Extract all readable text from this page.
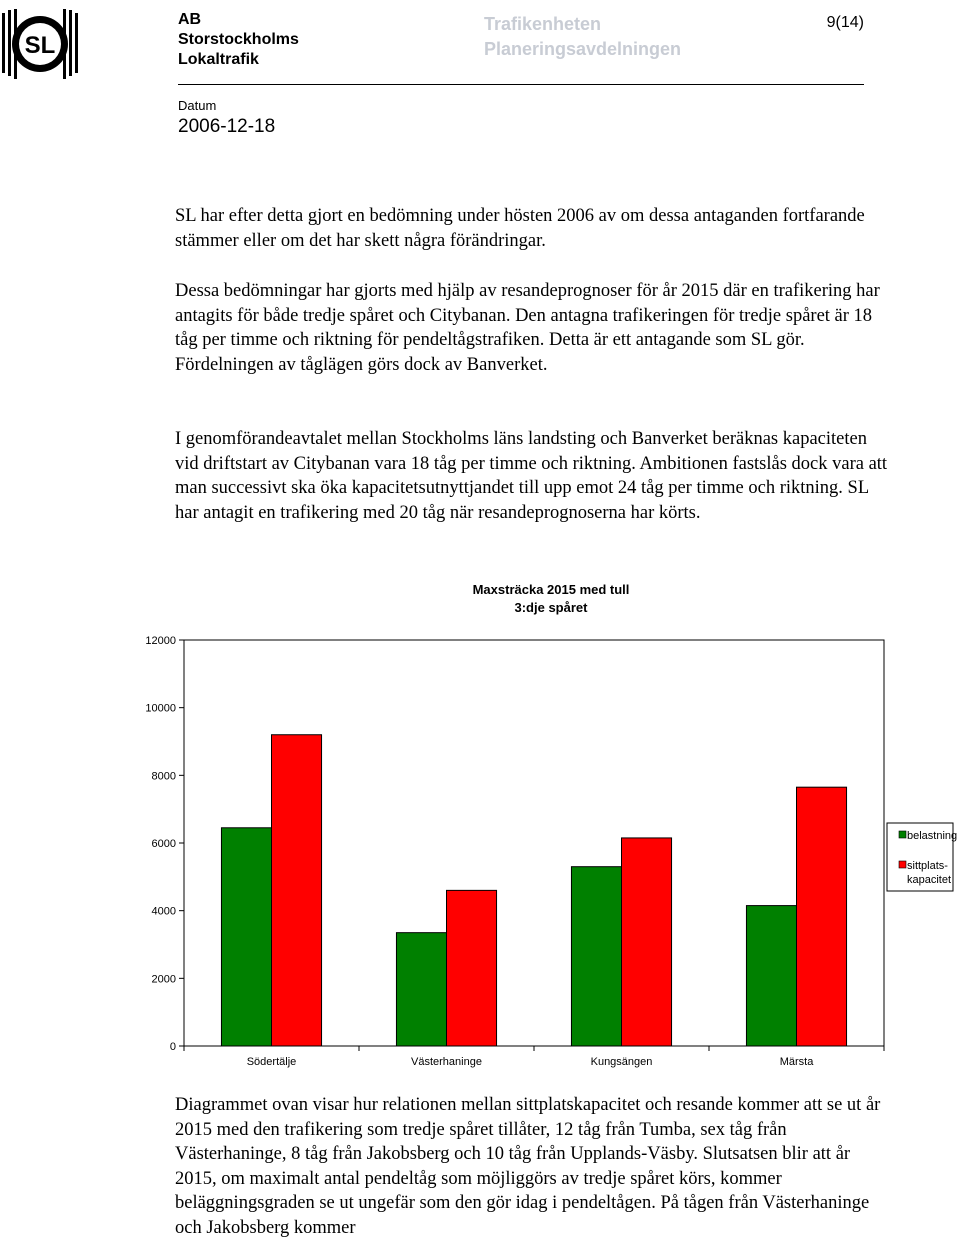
SL
AB
Storstockholms
Lokaltrafik
Trafikenheten
Planeringsavdelningen
9(14)
Datum
2006-12-18

SL har efter detta gjort en bedömning under hösten 2006 av om dessa antaganden fortfarande stämmer eller om det har skett några förändringar.

Dessa bedömningar har gjorts med hjälp av resandeprognoser för år 2015 där en trafikering har antagits för både tredje spåret och Citybanan. Den antagna trafikeringen för tredje spåret är 18 tåg per timme och riktning för pendeltågstrafiken. Detta är ett antagande som SL gör. Fördelningen av tåglägen görs dock av Banverket.

I genomförandeavtalet mellan Stockholms läns landsting och Banverket beräknas kapaciteten vid driftstart av Citybanan vara 18 tåg per timme och riktning. Ambitionen fastslås dock vara att man successivt ska öka kapacitetsutnyttjandet till upp emot 24 tåg per timme och riktning. SL har antagit en trafikering med 20 tåg när resandeprognoserna har körts.

Maxsträcka 2015 med tull
3:dje spåret
0
2000
4000
6000
8000
10000
12000
Södertälje	Västerhaninge	Kungsängen	Märsta
belastning
sittplats-
kapacitet

Diagrammet ovan visar hur relationen mellan sittplatskapacitet och resande kommer att se ut år 2015 med den trafikering som tredje spåret tillåter, 12 tåg från Tumba, sex tåg från Västerhaninge, 8 tåg från Jakobsberg och 10 tåg från Upplands-Väsby. Slutsatsen blir att år 2015, om maximalt antal pendeltåg som möjliggörs av tredje spåret körs, kommer beläggningsgraden se ut ungefär som den gör idag i pendeltågen. På tågen från Västerhaninge och Jakobsberg kommer
